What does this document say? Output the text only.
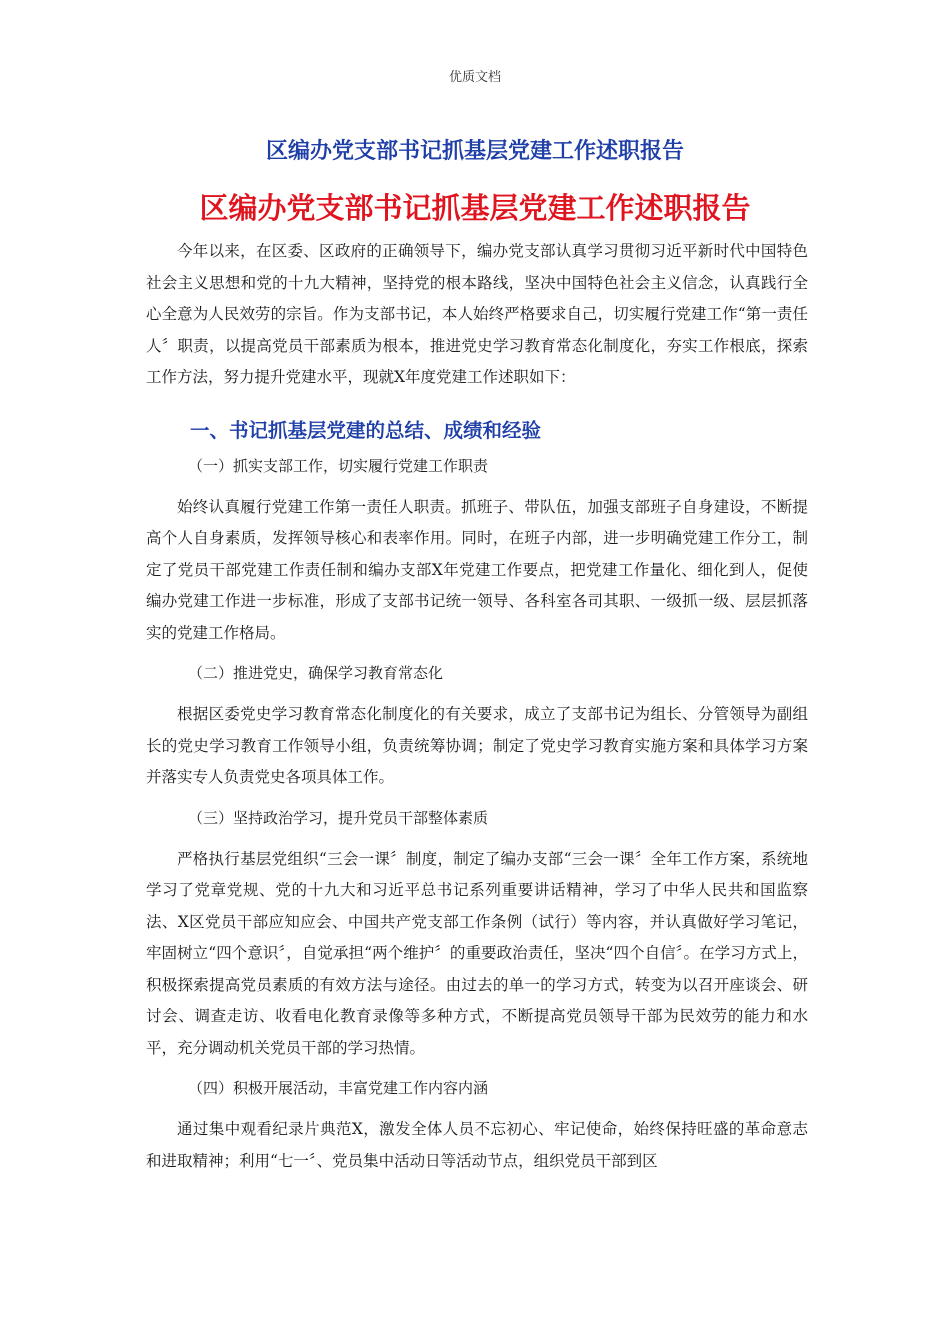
优质文档
区编办党支部书记抓基层党建工作述职报告
区编办党支部书记抓基层党建工作述职报告

今年以来，在区委、区政府的正确领导下，编办党支部认真学习贯彻习近平新时代中国特色社会主义思想和党的十九大精神，坚持党的根本路线，坚决中国特色社会主义信念，认真践行全心全意为人民效劳的宗旨。作为支部书记，本人始终严格要求自己，切实履行党建工作“第一责任人〞职责，以提高党员干部素质为根本，推进党史学习教育常态化制度化，夯实工作根底，探索工作方法，努力提升党建水平，现就X年度党建工作述职如下：

一、书记抓基层党建的总结、成绩和经验
（一）抓实支部工作，切实履行党建工作职责

始终认真履行党建工作第一责任人职责。抓班子、带队伍，加强支部班子自身建设，不断提高个人自身素质，发挥领导核心和表率作用。同时，在班子内部，进一步明确党建工作分工，制定了党员干部党建工作责任制和编办支部X年党建工作要点，把党建工作量化、细化到人，促使编办党建工作进一步标准，形成了支部书记统一领导、各科室各司其职、一级抓一级、层层抓落实的党建工作格局。

（二）推进党史，确保学习教育常态化

根据区委党史学习教育常态化制度化的有关要求，成立了支部书记为组长、分管领导为副组长的党史学习教育工作领导小组，负责统筹协调；制定了党史学习教育实施方案和具体学习方案并落实专人负责党史各项具体工作。

（三）坚持政治学习，提升党员干部整体素质

严格执行基层党组织“三会一课〞制度，制定了编办支部“三会一课〞全年工作方案，系统地学习了党章党规、党的十九大和习近平总书记系列重要讲话精神，学习了中华人民共和国监察法、X区党员干部应知应会、中国共产党支部工作条例（试行）等内容，并认真做好学习笔记，牢固树立“四个意识〞，自觉承担“两个维护〞的重要政治责任，坚决“四个自信〞。在学习方式上，积极探索提高党员素质的有效方法与途径。由过去的单一的学习方式，转变为以召开座谈会、研讨会、调查走访、收看电化教育录像等多种方式，不断提高党员领导干部为民效劳的能力和水平，充分调动机关党员干部的学习热情。

（四）积极开展活动，丰富党建工作内容内涵

通过集中观看纪录片典范X，激发全体人员不忘初心、牢记使命，始终保持旺盛的革命意志和进取精神；利用“七一〞、党员集中活动日等活动节点，组织党员干部到区
